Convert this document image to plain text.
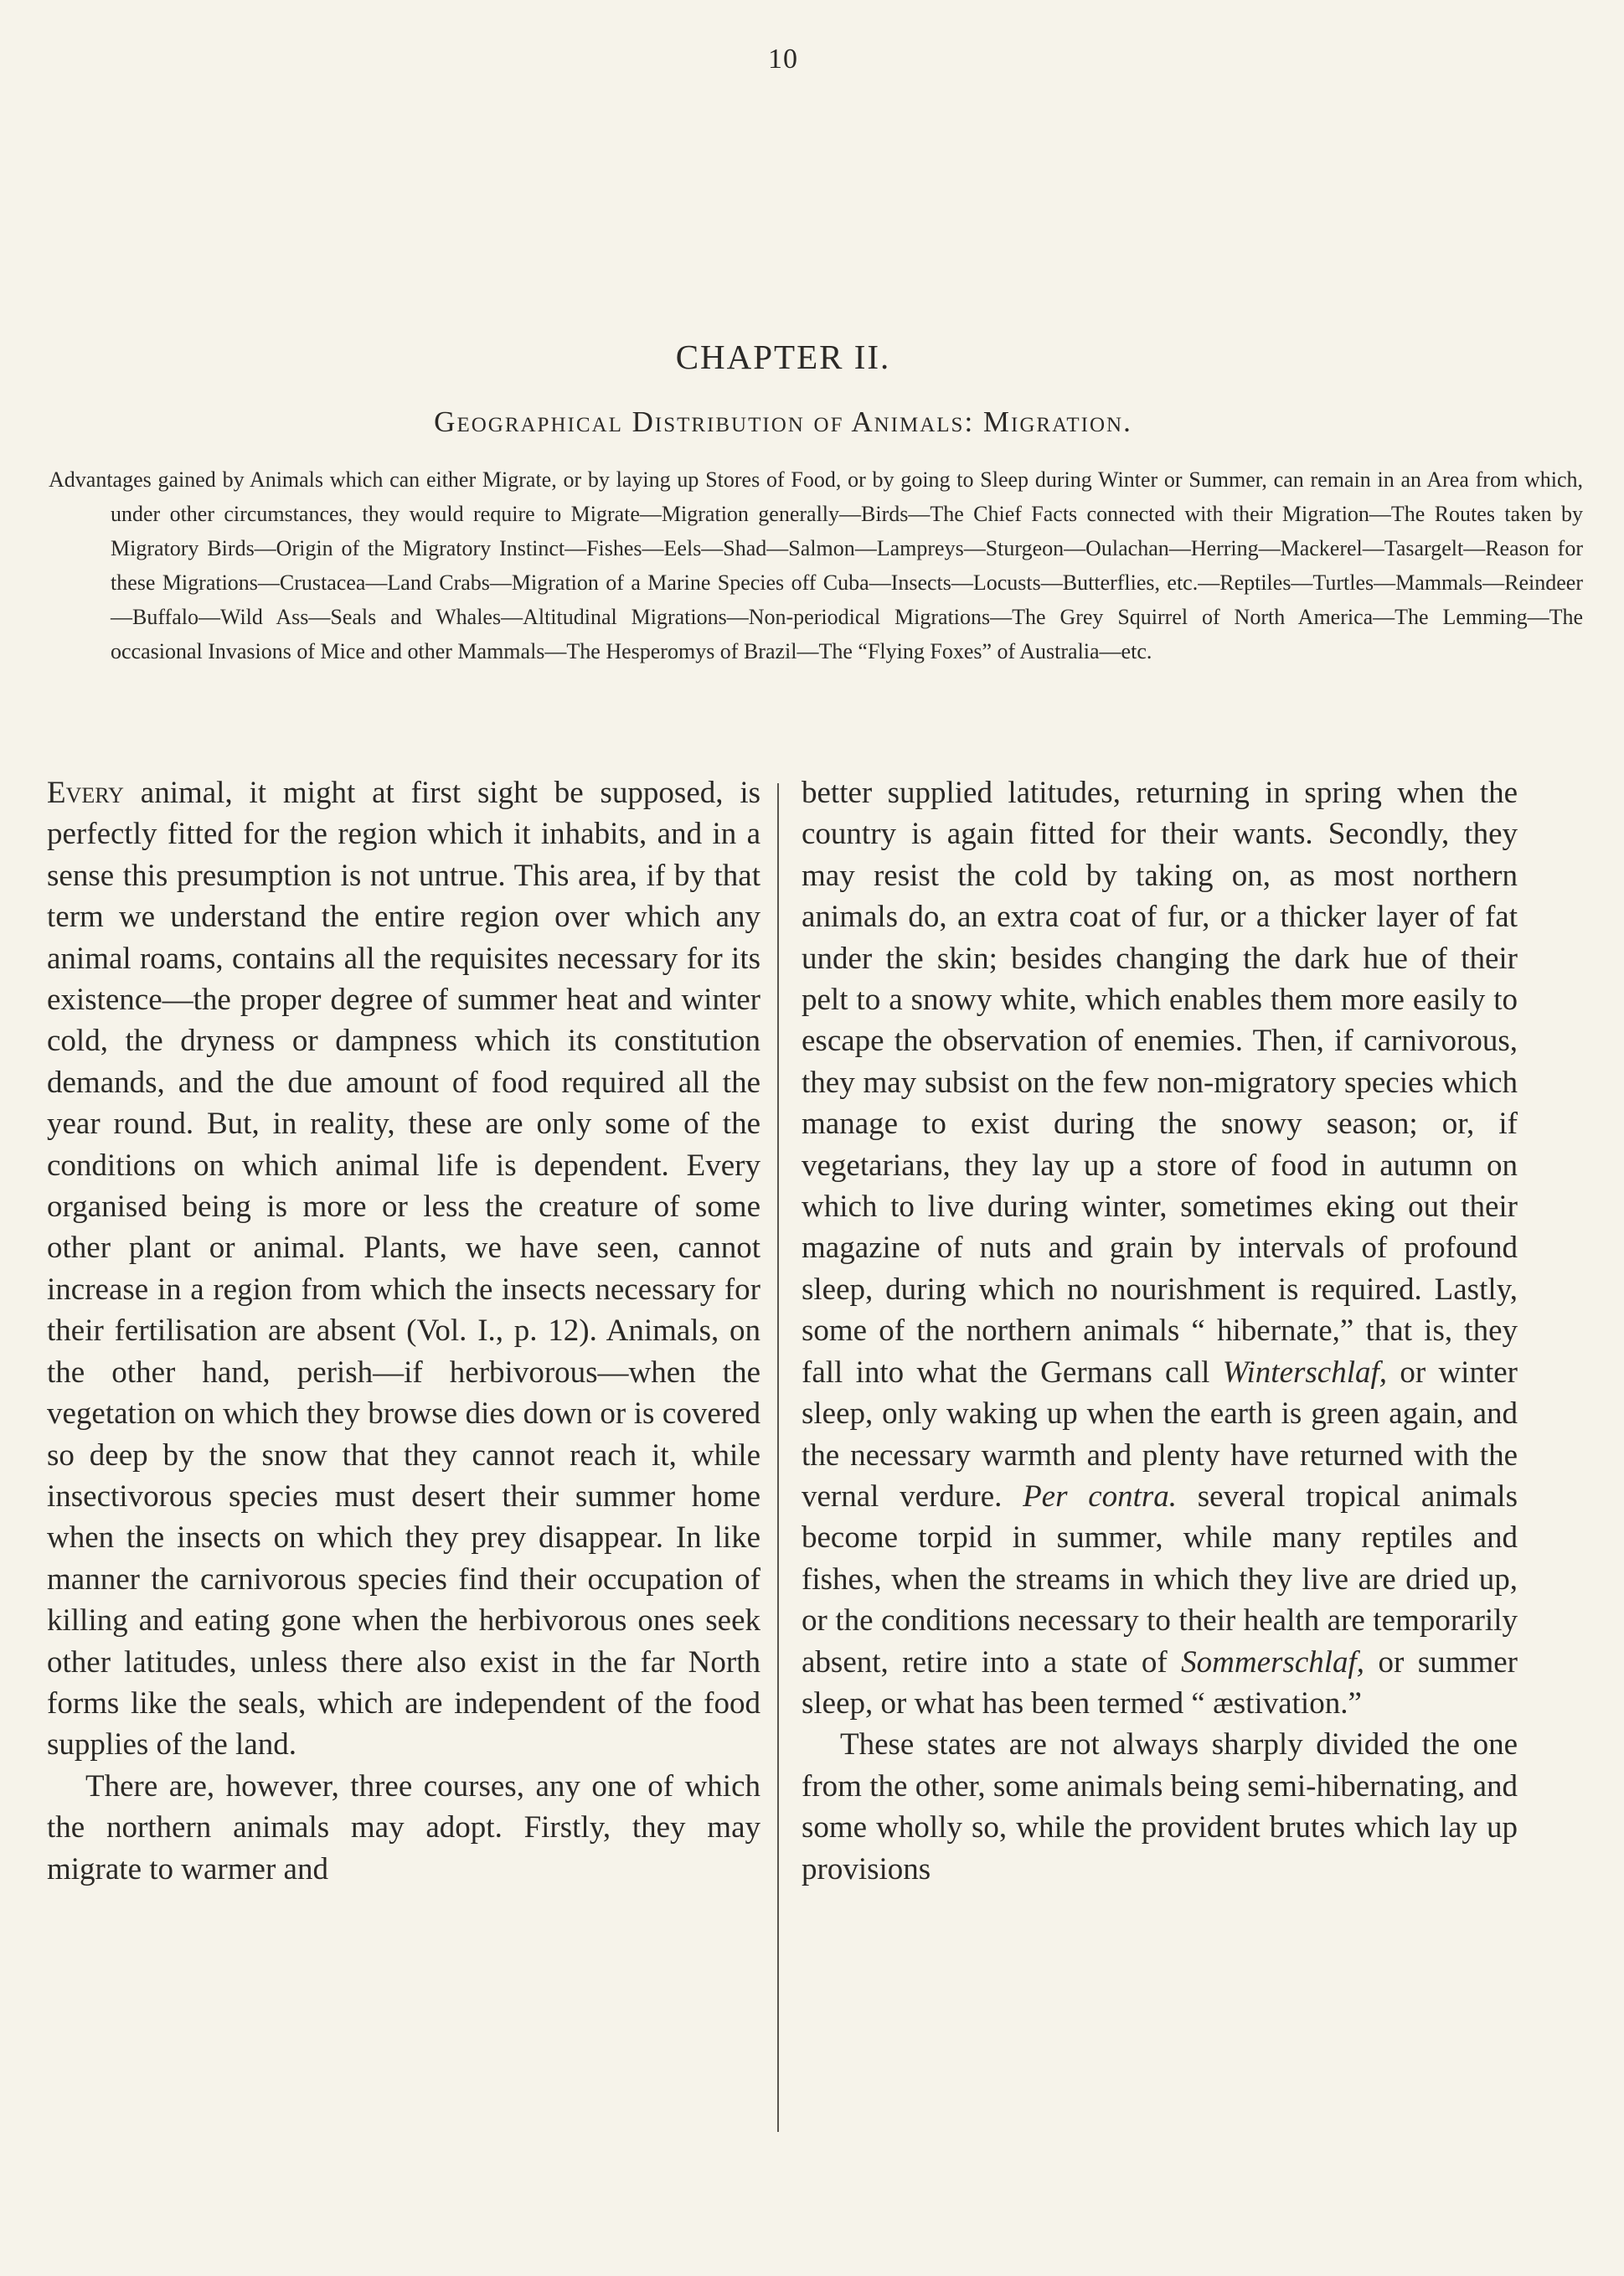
10
CHAPTER II.
Geographical Distribution of Animals: Migration.
Advantages gained by Animals which can either Migrate, or by laying up Stores of Food, or by going to Sleep during Winter or Summer, can remain in an Area from which, under other circumstances, they would require to Migrate—Migration generally—Birds—The Chief Facts connected with their Migration—The Routes taken by Migratory Birds—Origin of the Migratory Instinct—Fishes—Eels—Shad—Salmon—Lampreys—Sturgeon—Oulachan—Herring—Mackerel—Tasargelt—Reason for these Migrations—Crustacea—Land Crabs—Migration of a Marine Species off Cuba—Insects—Locusts—Butterflies, etc.—Reptiles—Turtles—Mammals—Reindeer—Buffalo—Wild Ass—Seals and Whales—Altitudinal Migrations—Non-periodical Migrations—The Grey Squirrel of North America—The Lemming—The occasional Invasions of Mice and other Mammals—The Hesperomys of Brazil—The “Flying Foxes” of Australia—etc.

Every animal, it might at first sight be supposed, is perfectly fitted for the region which it inhabits, and in a sense this presumption is not untrue. This area, if by that term we understand the entire region over which any animal roams, contains all the requisites necessary for its existence—the proper degree of summer heat and winter cold, the dryness or dampness which its constitution demands, and the due amount of food required all the year round. But, in reality, these are only some of the conditions on which animal life is dependent. Every organised being is more or less the creature of some other plant or animal. Plants, we have seen, cannot increase in a region from which the insects necessary for their fertilisation are absent (Vol. I., p. 12). Animals, on the other hand, perish—if herbivorous—when the vegetation on which they browse dies down or is covered so deep by the snow that they cannot reach it, while insectivorous species must desert their summer home when the insects on which they prey disappear. In like manner the carnivorous species find their occupation of killing and eating gone when the herbivorous ones seek other latitudes, unless there also exist in the far North forms like the seals, which are independent of the food supplies of the land.

There are, however, three courses, any one of which the northern animals may adopt. Firstly, they may migrate to warmer and

better supplied latitudes, returning in spring when the country is again fitted for their wants. Secondly, they may resist the cold by taking on, as most northern animals do, an extra coat of fur, or a thicker layer of fat under the skin; besides changing the dark hue of their pelt to a snowy white, which enables them more easily to escape the observation of enemies. Then, if carnivorous, they may subsist on the few non-migratory species which manage to exist during the snowy season; or, if vegetarians, they lay up a store of food in autumn on which to live during winter, sometimes eking out their magazine of nuts and grain by intervals of profound sleep, during which no nourishment is required. Lastly, some of the northern animals “ hibernate,” that is, they fall into what the Germans call Winterschlaf, or winter sleep, only waking up when the earth is green again, and the necessary warmth and plenty have returned with the vernal verdure. Per contra. several tropical animals become torpid in summer, while many reptiles and fishes, when the streams in which they live are dried up, or the conditions necessary to their health are temporarily absent, retire into a state of Sommerschlaf, or summer sleep, or what has been termed “ æstivation.”

These states are not always sharply divided the one from the other, some animals being semi-hibernating, and some wholly so, while the provident brutes which lay up provisions
